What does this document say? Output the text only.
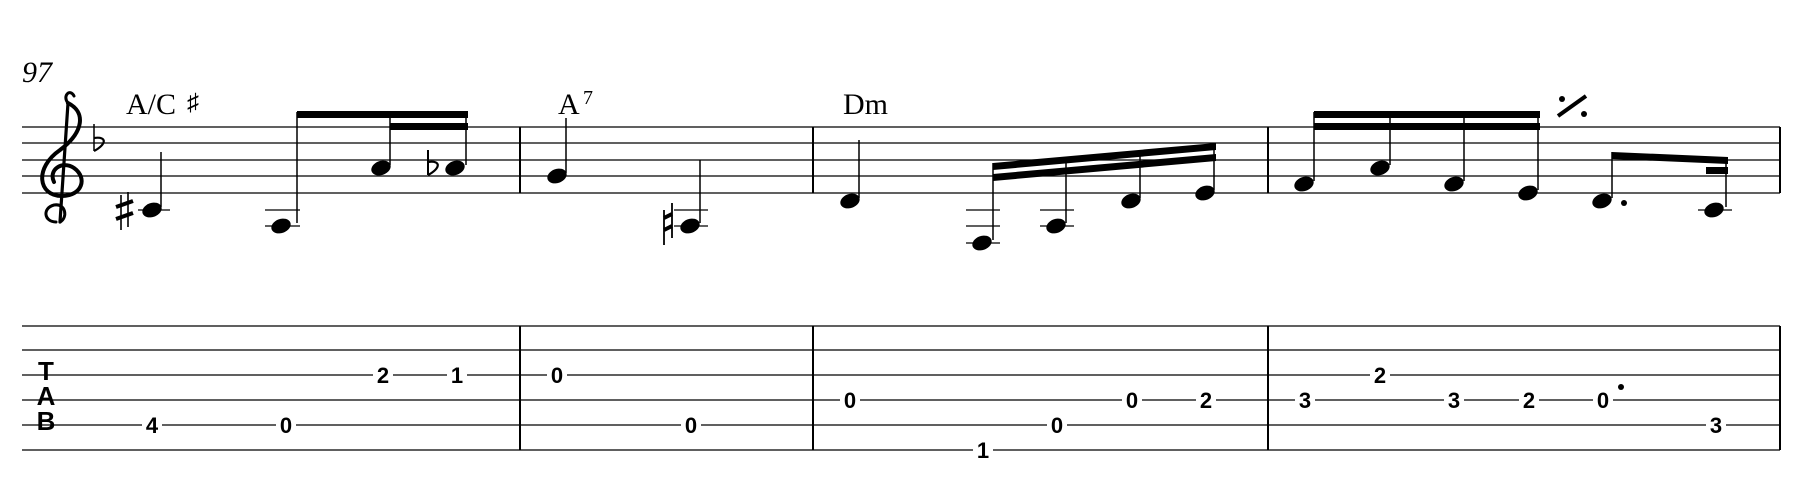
97
A/C ♯	A 7	Dm
T
A
B	4	0
2	1	0
0
0
1
0
0	2	3
2
3	2	0
3
